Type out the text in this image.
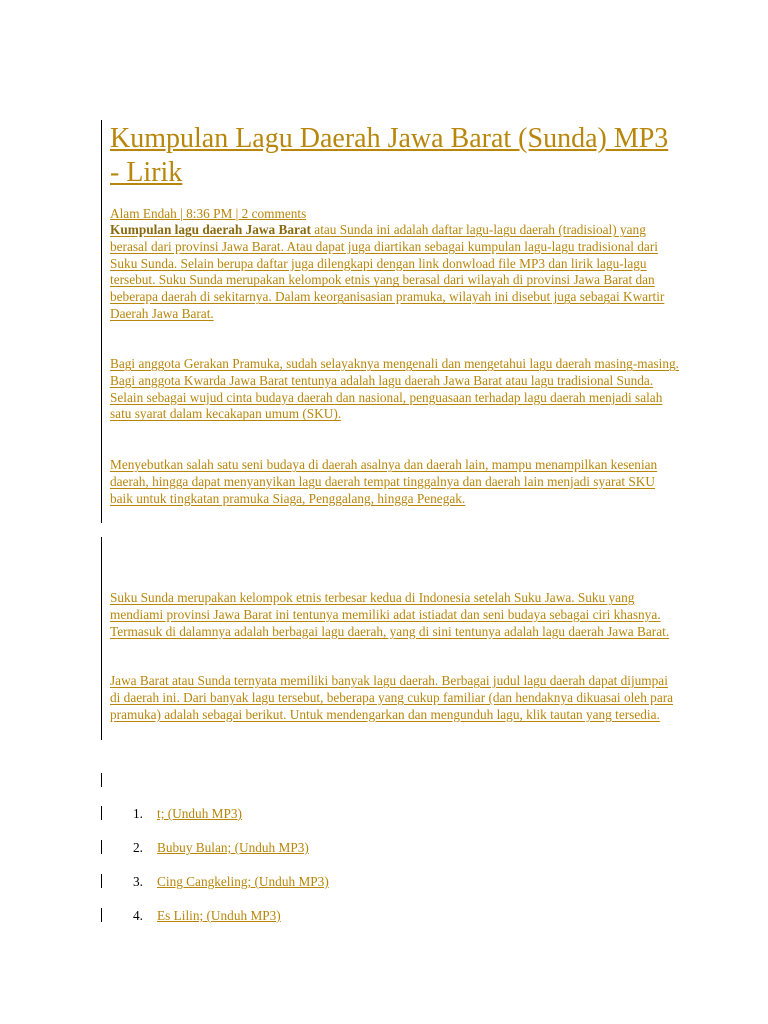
Kumpulan Lagu Daerah Jawa Barat (Sunda) MP3 - Lirik
Alam Endah | 8:36 PM | 2 comments

Kumpulan lagu daerah Jawa Barat atau Sunda ini adalah daftar lagu-lagu daerah (tradisioal) yang berasal dari provinsi Jawa Barat. Atau dapat juga diartikan sebagai kumpulan lagu-lagu tradisional dari Suku Sunda. Selain berupa daftar juga dilengkapi dengan link donwload file MP3 dan lirik lagu-lagu tersebut. Suku Sunda merupakan kelompok etnis yang berasal dari wilayah di provinsi Jawa Barat dan beberapa daerah di sekitarnya. Dalam keorganisasian pramuka, wilayah ini disebut juga sebagai Kwartir Daerah Jawa Barat.

Bagi anggota Gerakan Pramuka, sudah selayaknya mengenali dan mengetahui lagu daerah masing-masing. Bagi anggota Kwarda Jawa Barat tentunya adalah lagu daerah Jawa Barat atau lagu tradisional Sunda. Selain sebagai wujud cinta budaya daerah dan nasional, penguasaan terhadap lagu daerah menjadi salah satu syarat dalam kecakapan umum (SKU).

Menyebutkan salah satu seni budaya di daerah asalnya dan daerah lain, mampu menampilkan kesenian daerah, hingga dapat menyanyikan lagu daerah tempat tinggalnya dan daerah lain menjadi syarat SKU baik untuk tingkatan pramuka Siaga, Penggalang, hingga Penegak.

Suku Sunda merupakan kelompok etnis terbesar kedua di Indonesia setelah Suku Jawa. Suku yang mendiami provinsi Jawa Barat ini tentunya memiliki adat istiadat dan seni budaya sebagai ciri khasnya. Termasuk di dalamnya adalah berbagai lagu daerah, yang di sini tentunya adalah lagu daerah Jawa Barat.

Jawa Barat atau Sunda ternyata memiliki banyak lagu daerah. Berbagai judul lagu daerah dapat dijumpai di daerah ini. Dari banyak lagu tersebut, beberapa yang cukup familiar (dan hendaknya dikuasai oleh para pramuka) adalah sebagai berikut. Untuk mendengarkan dan mengunduh lagu, klik tautan yang tersedia.

1. t; (Unduh MP3)
2. Bubuy Bulan; (Unduh MP3)
3. Cing Cangkeling; (Unduh MP3)
4. Es Lilin; (Unduh MP3)
